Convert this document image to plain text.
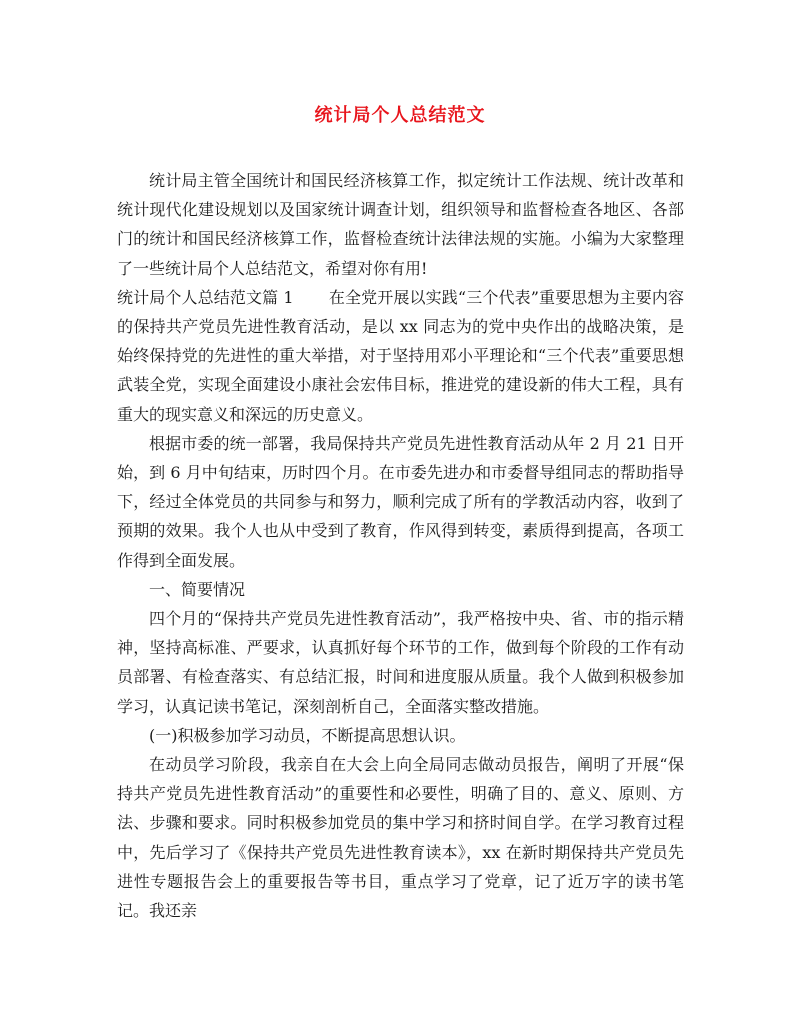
统计局个人总结范文

统计局主管全国统计和国民经济核算工作，拟定统计工作法规、统计改革和统计现代化建设规划以及国家统计调查计划，组织领导和监督检查各地区、各部门的统计和国民经济核算工作，监督检查统计法律法规的实施。小编为大家整理了一些统计局个人总结范文，希望对你有用!

统计局个人总结范文篇 1 在全党开展以实践“三个代表”重要思想为主要内容的保持共产党员先进性教育活动，是以 xx 同志为的党中央作出的战略决策，是始终保持党的先进性的重大举措，对于坚持用邓小平理论和“三个代表”重要思想武装全党，实现全面建设小康社会宏伟目标，推进党的建设新的伟大工程，具有重大的现实意义和深远的历史意义。

根据市委的统一部署，我局保持共产党员先进性教育活动从年 2 月 21 日开始，到 6 月中旬结束，历时四个月。在市委先进办和市委督导组同志的帮助指导下，经过全体党员的共同参与和努力，顺利完成了所有的学教活动内容，收到了预期的效果。我个人也从中受到了教育，作风得到转变，素质得到提高，各项工作得到全面发展。

一、简要情况

四个月的“保持共产党员先进性教育活动”，我严格按中央、省、市的指示精神，坚持高标准、严要求，认真抓好每个环节的工作，做到每个阶段的工作有动员部署、有检查落实、有总结汇报，时间和进度服从质量。我个人做到积极参加学习，认真记读书笔记，深刻剖析自己，全面落实整改措施。

(一)积极参加学习动员，不断提高思想认识。

在动员学习阶段，我亲自在大会上向全局同志做动员报告，阐明了开展“保持共产党员先进性教育活动”的重要性和必要性，明确了目的、意义、原则、方法、步骤和要求。同时积极参加党员的集中学习和挤时间自学。在学习教育过程中，先后学习了《保持共产党员先进性教育读本》，xx 在新时期保持共产党员先进性专题报告会上的重要报告等书目，重点学习了党章，记了近万字的读书笔记。我还亲
